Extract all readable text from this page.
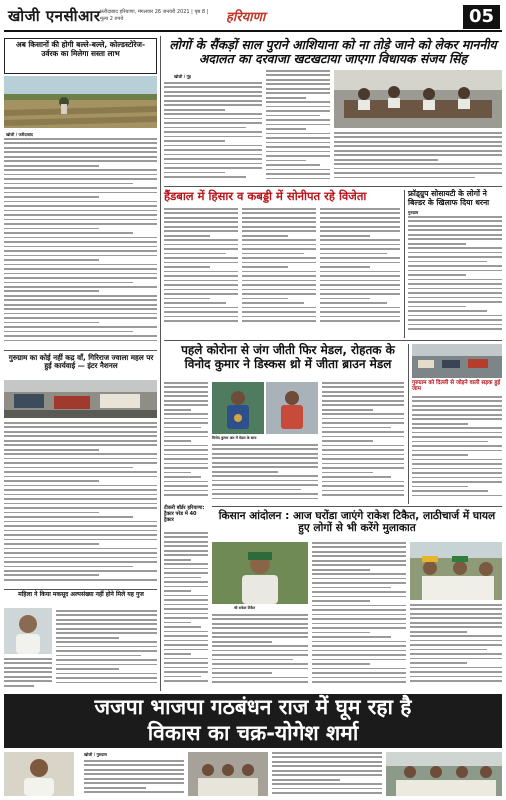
खोजी एनसीआर फरीदाबाद हरियाणा, मंगलवार 26 जनवरी 2021 | पृष्ठ 8 | मूल्य 2 रुपये	हरियाणा	05
अब किसानों की होगी बल्ले-बल्ले, कोल्डस्टोरेज-उर्वरक का मिलेगा सस्ता लाभ
खोजी / फरीदाबाद
गुरुग्राम का कोई नहीं कद्र वाँ, गिरिराज ज्वाला महल पर हुई कार्यवाई — इंटर नैशनल
महिला ने किया मकसूद अल्पसंख्या नहीं होने मिले यह गुज
लोगों के सैंकड़ों साल पुराने आशियाना को ना तोड़े जाने को लेकर माननीय अदालत का दरवाजा खटखटाया जाएगा विधायक संजय सिंह
खोजी / नूंह
हैंडबाल में हिसार व कबड्डी में सोनीपत रहे विजेता	फ्रॉड्ग्रुप सोसायटी के लोगों ने बिल्डर के खिलाफ दिया धरना
गुरुग्राम
पहले कोरोना से जंग जीती फिर मेडल, रोहतक के विनोद कुमार ने डिस्कस थ्रो में जीता ब्राउन मेडल
विनोद कुमार अंत में मेडल के साथ
गुरुग्राम को दिल्ली से जोड़ने वाली सड़क हुई जाम
टीकरी बॉर्डर हरियाणा: ट्रैक्टर परेड में 40 ट्रैक्टर	किसान आंदोलन : आज घरोंडा जाएंगे राकेश टिकैत, लाठीचार्ज में घायल हुए लोगों से भी करेंगे मुलाकात
श्री राकेश टिकैत
जजपा भाजपा गठबंधन राज में घूम रहा है
विकास का चक्र-योगेश शर्मा
खोजी / गुरुग्राम
